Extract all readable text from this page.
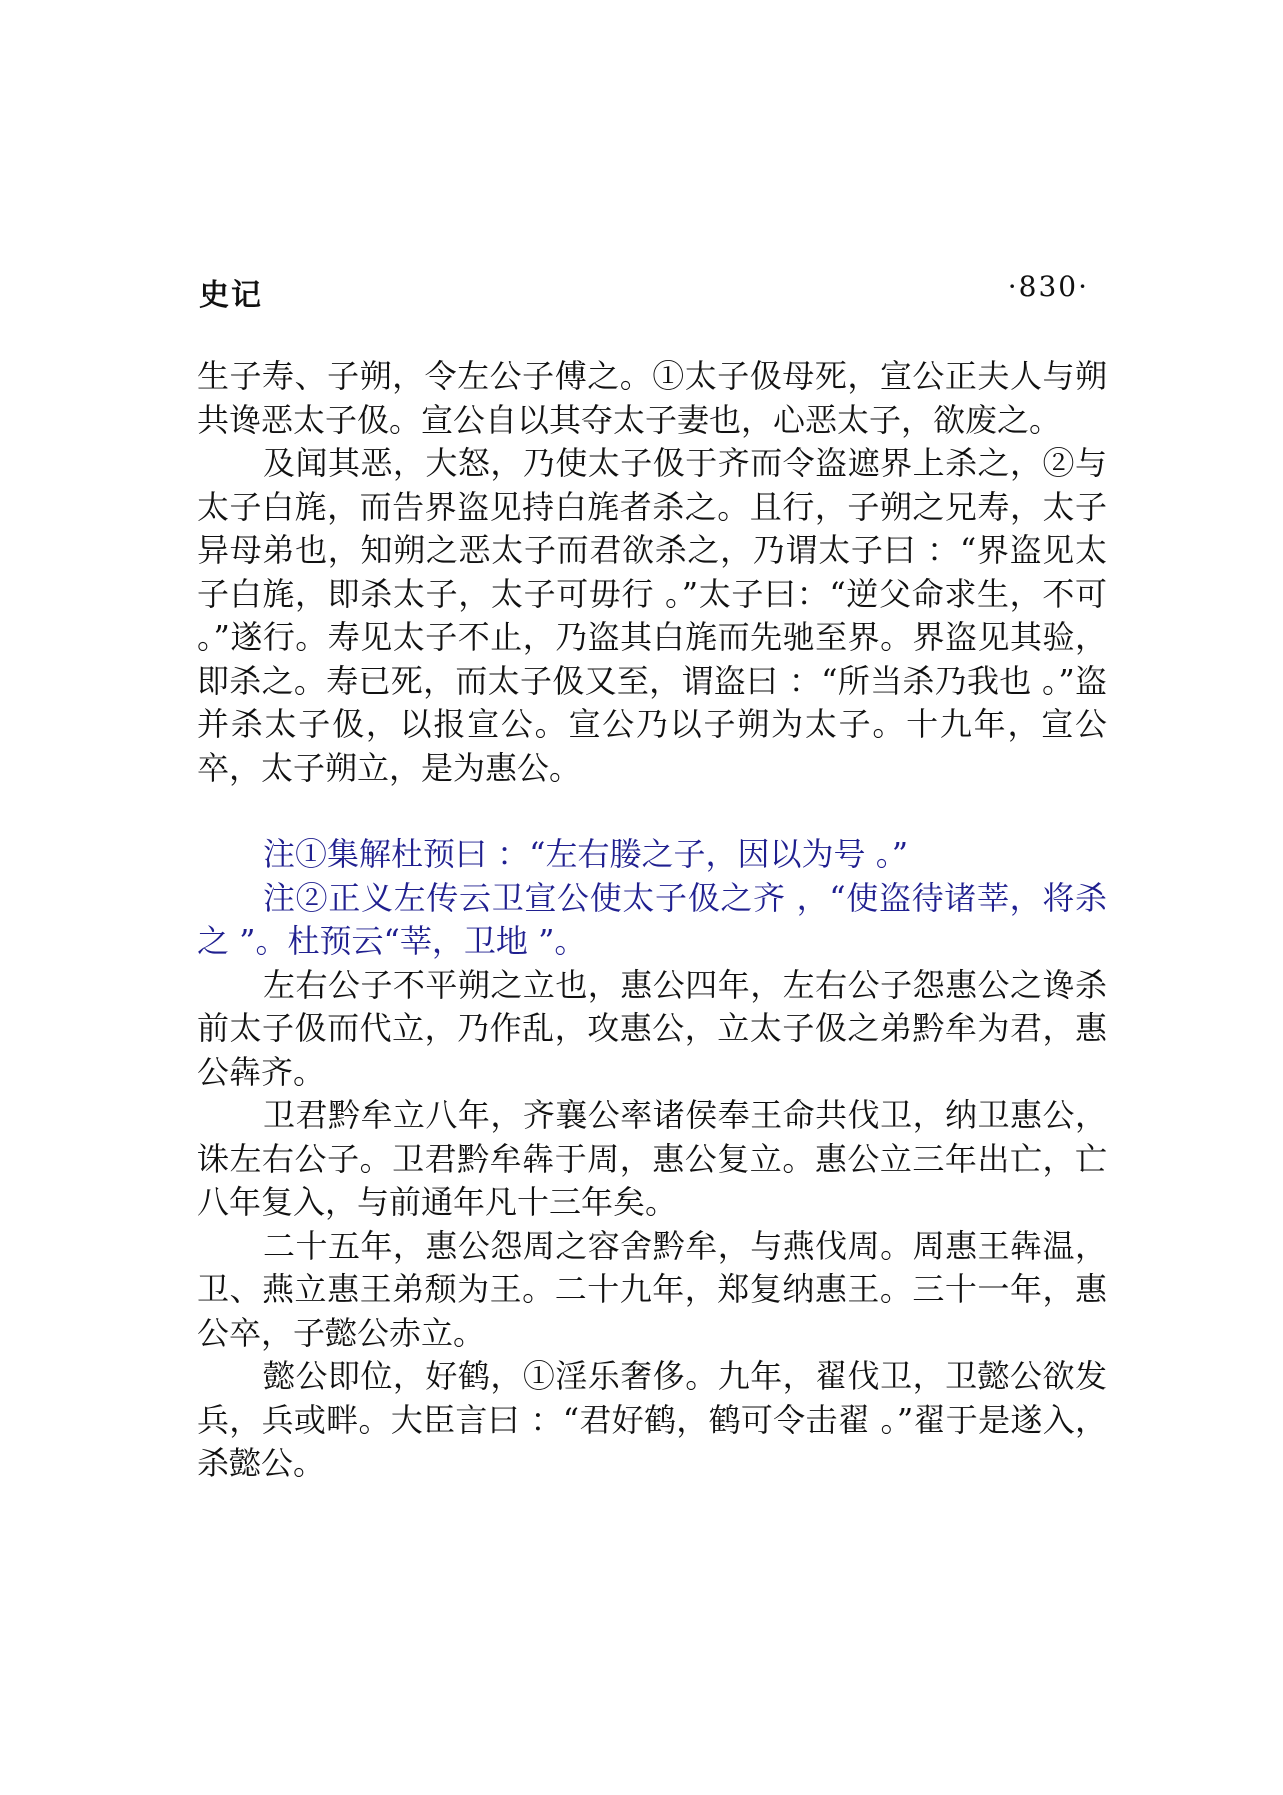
史记	·830·

生子寿、子朔，令左公子傅之。①太子伋母死，宣公正夫人与朔共谗恶太子伋。宣公自以其夺太子妻也，心恶太子，欲废之。

及闻其恶，大怒，乃使太子伋于齐而令盗遮界上杀之，②与太子白旄，而告界盗见持白旄者杀之。且行，子朔之兄寿，太子异母弟也，知朔之恶太子而君欲杀之，乃谓太子曰 ：“界盗见太子白旄，即杀太子，太子可毋行 。”太子曰：“逆父命求生，不可 。”遂行。寿见太子不止，乃盗其白旄而先驰至界。界盗见其验，即杀之。寿已死，而太子伋又至，谓盗曰 ：“所当杀乃我也 。”盗并杀太子伋，以报宣公。宣公乃以子朔为太子。十九年，宣公卒，太子朔立，是为惠公。

注①集解杜预曰 ：“左右媵之子，因以为号 。”

注②正义左传云卫宣公使太子伋之齐 ，“使盗待诸莘，将杀之 ”。杜预云“莘，卫地 ”。

左右公子不平朔之立也，惠公四年，左右公子怨惠公之谗杀前太子伋而代立，乃作乱，攻惠公，立太子伋之弟黔牟为君，惠公犇齐。

卫君黔牟立八年，齐襄公率诸侯奉王命共伐卫，纳卫惠公，诛左右公子。卫君黔牟犇于周，惠公复立。惠公立三年出亡，亡八年复入，与前通年凡十三年矣。

二十五年，惠公怨周之容舍黔牟，与燕伐周。周惠王犇温，卫、燕立惠王弟颓为王。二十九年，郑复纳惠王。三十一年，惠公卒，子懿公赤立。

懿公即位，好鹤，①淫乐奢侈。九年，翟伐卫，卫懿公欲发兵，兵或畔。大臣言曰 ：“君好鹤，鹤可令击翟 。”翟于是遂入，杀懿公。
